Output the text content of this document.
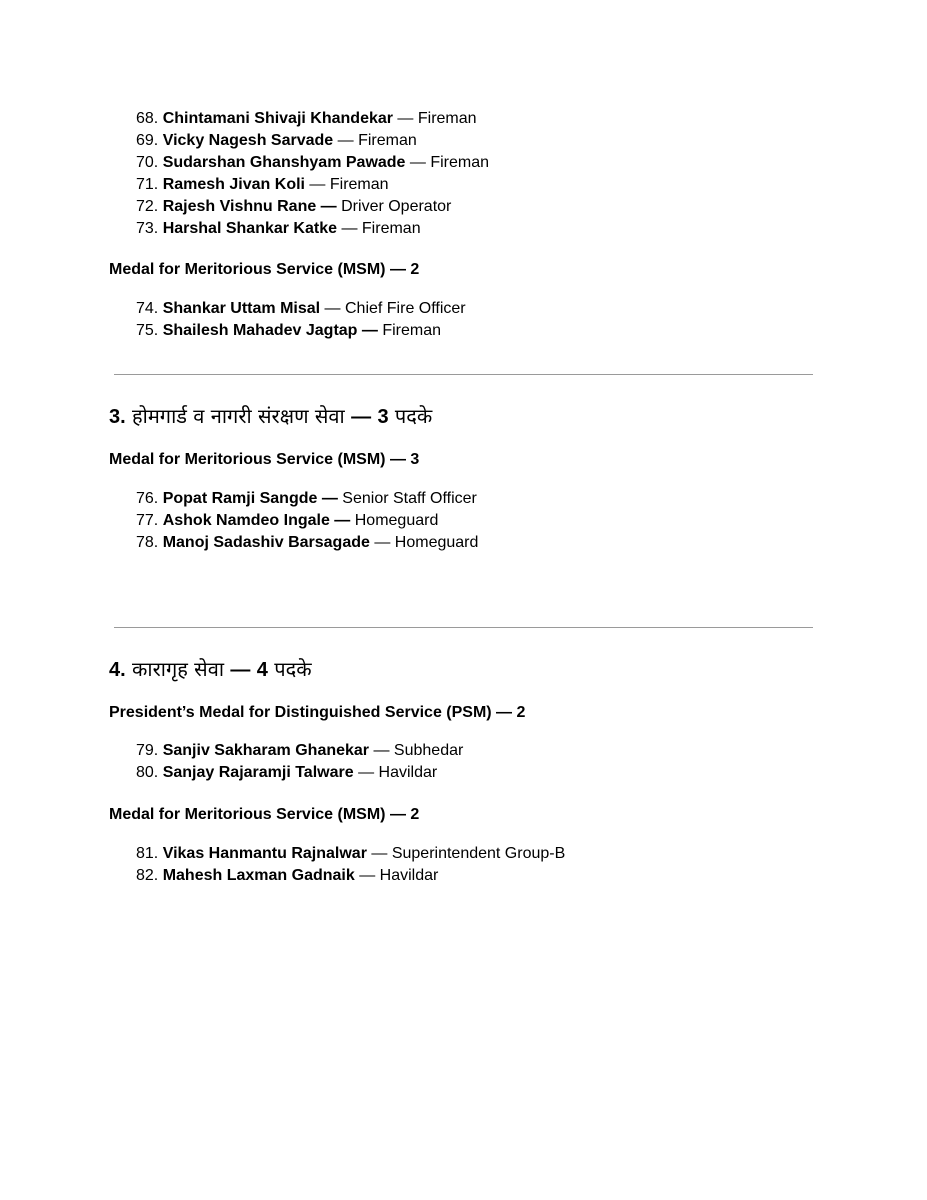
68. Chintamani Shivaji Khandekar — Fireman
69. Vicky Nagesh Sarvade — Fireman
70. Sudarshan Ghanshyam Pawade — Fireman
71. Ramesh Jivan Koli — Fireman
72. Rajesh Vishnu Rane — Driver Operator
73. Harshal Shankar Katke — Fireman
Medal for Meritorious Service (MSM) — 2
74. Shankar Uttam Misal — Chief Fire Officer
75. Shailesh Mahadev Jagtap — Fireman
3. होमगार्ड व नागरी संरक्षण सेवा — 3 पदके
Medal for Meritorious Service (MSM) — 3
76. Popat Ramji Sangde — Senior Staff Officer
77. Ashok Namdeo Ingale — Homeguard
78. Manoj Sadashiv Barsagade — Homeguard
4. कारागृह सेवा — 4 पदके
President’s Medal for Distinguished Service (PSM) — 2
79. Sanjiv Sakharam Ghanekar — Subhedar
80. Sanjay Rajaramji Talware — Havildar
Medal for Meritorious Service (MSM) — 2
81. Vikas Hanmantu Rajnalwar — Superintendent Group-B
82. Mahesh Laxman Gadnaik — Havildar
